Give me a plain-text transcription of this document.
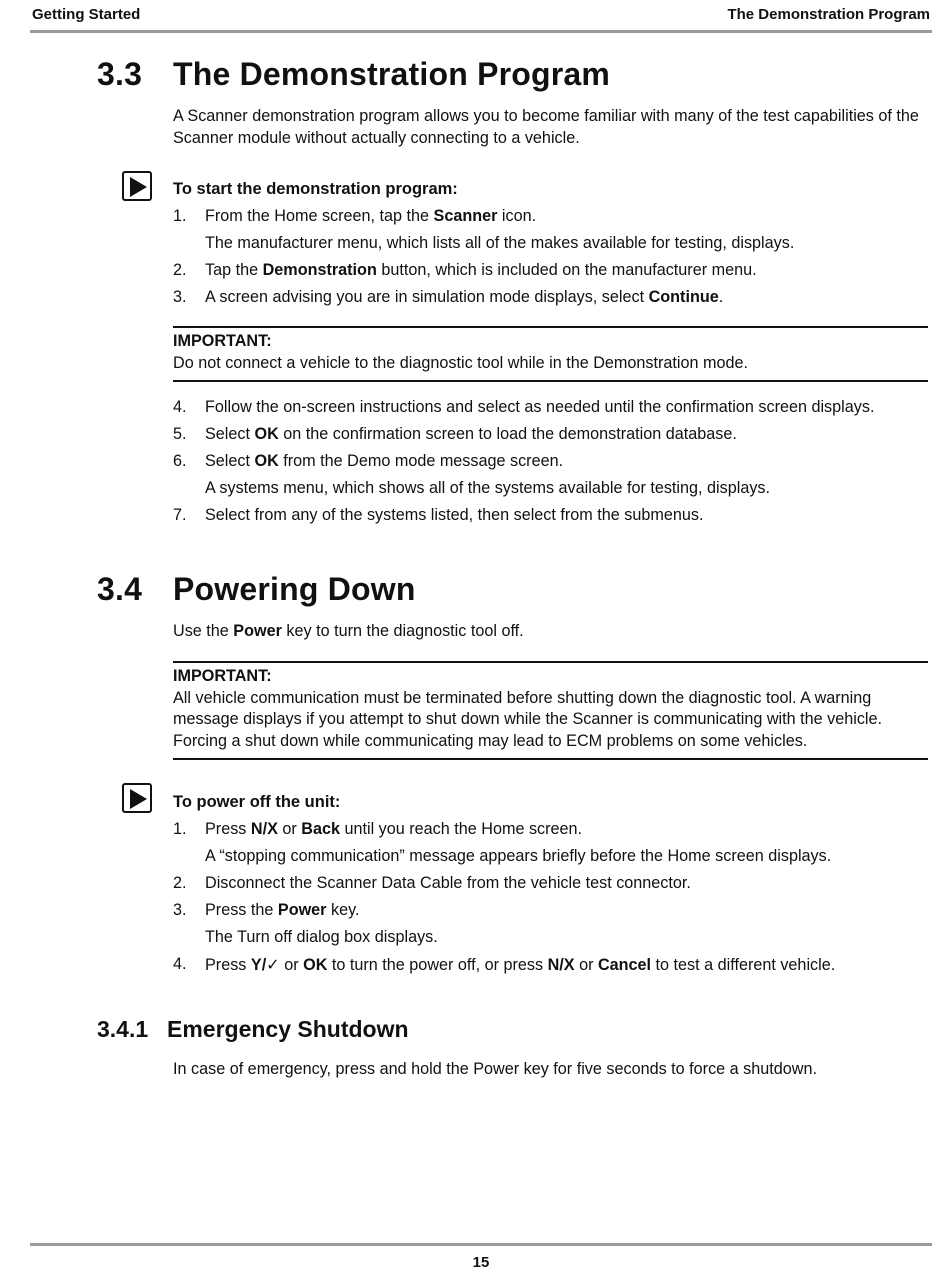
Getting Started	The Demonstration Program
3.3 The Demonstration Program
A Scanner demonstration program allows you to become familiar with many of the test capabilities of the Scanner module without actually connecting to a vehicle.
To start the demonstration program:
1. From the Home screen, tap the Scanner icon.
The manufacturer menu, which lists all of the makes available for testing, displays.
2. Tap the Demonstration button, which is included on the manufacturer menu.
3. A screen advising you are in simulation mode displays, select Continue.
IMPORTANT:
Do not connect a vehicle to the diagnostic tool while in the Demonstration mode.
4. Follow the on-screen instructions and select as needed until the confirmation screen displays.
5. Select OK on the confirmation screen to load the demonstration database.
6. Select OK from the Demo mode message screen.
A systems menu, which shows all of the systems available for testing, displays.
7. Select from any of the systems listed, then select from the submenus.
3.4 Powering Down
Use the Power key to turn the diagnostic tool off.
IMPORTANT:
All vehicle communication must be terminated before shutting down the diagnostic tool. A warning message displays if you attempt to shut down while the Scanner is communicating with the vehicle. Forcing a shut down while communicating may lead to ECM problems on some vehicles.
To power off the unit:
1. Press N/X or Back until you reach the Home screen.
A “stopping communication” message appears briefly before the Home screen displays.
2. Disconnect the Scanner Data Cable from the vehicle test connector.
3. Press the Power key.
The Turn off dialog box displays.
4. Press Y/✓ or OK to turn the power off, or press N/X or Cancel to test a different vehicle.
3.4.1 Emergency Shutdown
In case of emergency, press and hold the Power key for five seconds to force a shutdown.
15
